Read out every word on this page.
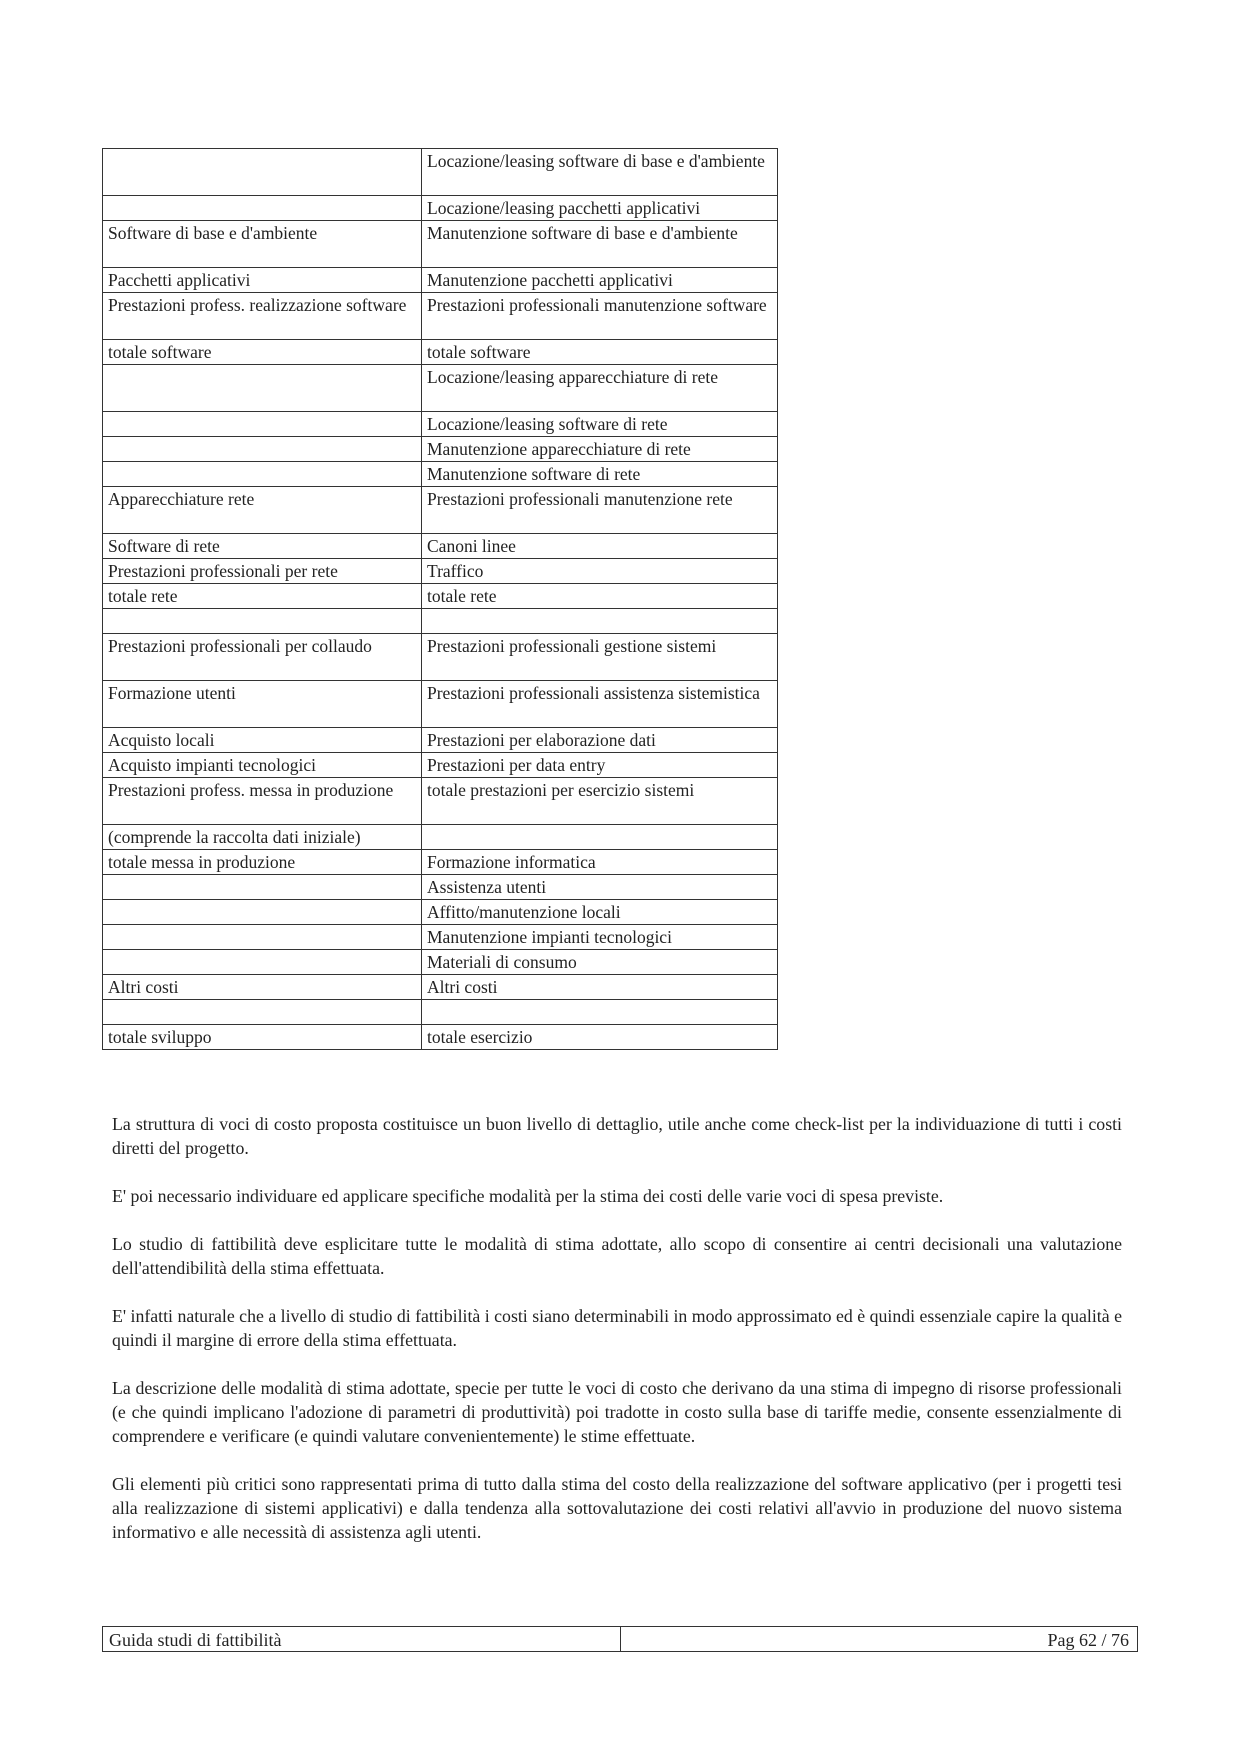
	Locazione/leasing software di base e d'ambiente
	Locazione/leasing pacchetti applicativi
Software di base e d'ambiente	Manutenzione software di base e d'ambiente
Pacchetti applicativi	Manutenzione pacchetti applicativi
Prestazioni profess. realizzazione software	Prestazioni professionali manutenzione software
totale software	totale software
	Locazione/leasing apparecchiature di rete
	Locazione/leasing software di rete
	Manutenzione apparecchiature di rete
	Manutenzione software di rete
Apparecchiature rete	Prestazioni professionali manutenzione rete
Software di rete	Canoni linee
Prestazioni professionali per rete	Traffico
totale rete	totale rete

Prestazioni professionali per collaudo	Prestazioni professionali gestione sistemi
Formazione utenti	Prestazioni professionali assistenza sistemistica
Acquisto locali	Prestazioni per elaborazione dati
Acquisto impianti tecnologici	Prestazioni per data entry
Prestazioni profess. messa in produzione	totale prestazioni per esercizio sistemi
(comprende la raccolta dati iniziale)	
totale messa in produzione	Formazione informatica
	Assistenza utenti
	Affitto/manutenzione locali
	Manutenzione impianti tecnologici
	Materiali di consumo
Altri costi	Altri costi

totale sviluppo	totale esercizio

La struttura di voci di costo proposta costituisce un buon livello di dettaglio, utile anche come check-list per la individuazione di tutti i costi diretti del progetto.

E' poi necessario individuare ed applicare specifiche modalità per la stima dei costi delle varie voci di spesa previste.

Lo studio di fattibilità deve esplicitare tutte le modalità di stima adottate, allo scopo di consentire ai centri decisionali una valutazione dell'attendibilità della stima effettuata.

E' infatti naturale che a livello di studio di fattibilità i costi siano determinabili in modo approssimato ed è quindi essenziale capire la qualità e quindi il margine di errore della stima effettuata.

La descrizione delle modalità di stima adottate, specie per tutte le voci di costo che derivano da una stima di impegno di risorse professionali (e che quindi implicano l'adozione di parametri di produttività) poi tradotte in costo sulla base di tariffe medie, consente essenzialmente di comprendere e verificare (e quindi valutare convenientemente) le stime effettuate.

Gli elementi più critici sono rappresentati prima di tutto dalla stima del costo della realizzazione del software applicativo (per i progetti tesi alla realizzazione di sistemi applicativi) e dalla tendenza alla sottovalutazione dei costi relativi all'avvio in produzione del nuovo sistema informativo e alle necessità di assistenza agli utenti.

Guida studi di fattibilità	Pag 62 / 76
